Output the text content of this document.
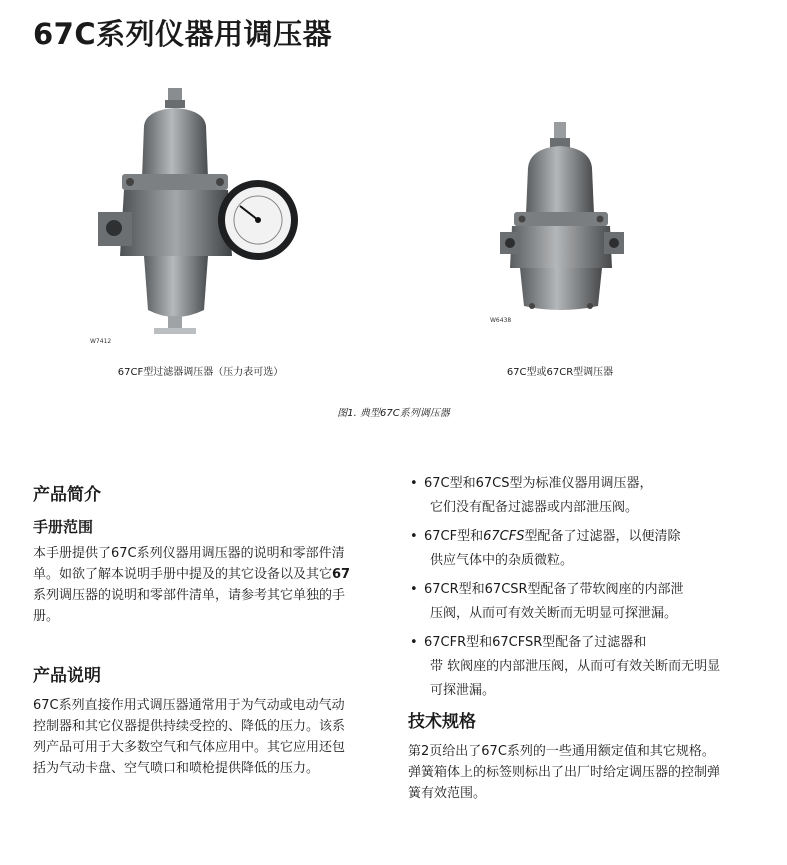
67C系列仪器用调压器
W7412
67CF型过滤器调压器（压力表可选）
W6438
67C型或67CR型调压器
图1. 典型67C系列调压器
产品简介
手册范围
本手册提供了67C系列仪器用调压器的说明和零部件清
单。如欲了解本说明手册中提及的其它设备以及其它67
系列调压器的说明和零部件清单，请参考其它单独的手
册。
产品说明
67C系列直接作用式调压器通常用于为气动或电动气动
控制器和其它仪器提供持续受控的、降低的压力。该系
列产品可用于大多数空气和气体应用中。其它应用还包
括为气动卡盘、空气喷口和喷枪提供降低的压力。
• 67C型和67CS型为标准仪器用调压器，
它们没有配备过滤器或内部泄压阀。
• 67CF型和67CFS型配备了过滤器，以便清除
供应气体中的杂质微粒。
• 67CR型和67CSR型配备了带软阀座的内部泄
压阀，从而可有效关断而无明显可探泄漏。
• 67CFR型和67CFSR型配备了过滤器和
带 软阀座的内部泄压阀，从而可有效关断而无明显
可探泄漏。
技术规格
第2页给出了67C系列的一些通用额定值和其它规格。
弹簧箱体上的标签则标出了出厂时给定调压器的控制弹
簧有效范围。
